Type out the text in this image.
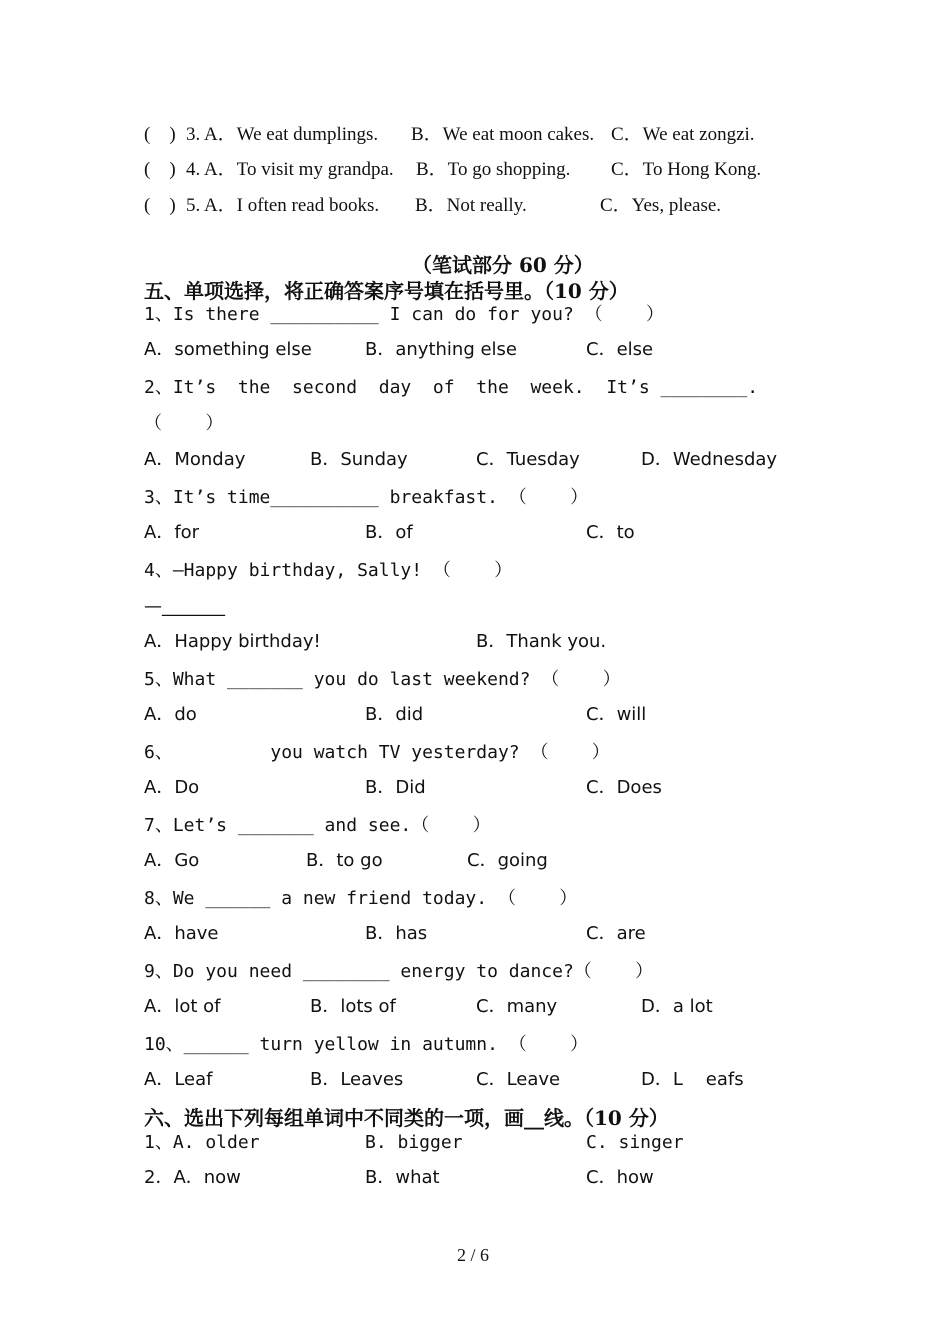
(    ) 3. A．We eat dumplings. B．We eat moon cakes. C．We eat zongzi.
(    ) 4. A．To visit my grandpa. B．To go shopping. C．To Hong Kong.
(    ) 5. A．I often read books. B．Not really.	C．Yes, please.
（笔试部分 60 分）
五、单项选择，将正确答案序号填在括号里。（10 分）
1、Is there __________ I can do for you? （    ）
A．something else	B．anything else	C．else
2、It’s  the  second  day  of  the  week.  It’s ________.
（    ）
A．Monday	B．Sunday	C．Tuesday	D．Wednesday
3、It’s time__________ breakfast. （    ）
A．for	B．of	C．to
4、—Happy birthday, Sally! （    ）
—_______
A．Happy birthday!	B．Thank you.
5、What _______ you do last weekend? （    ）
A．do	B．did	C．will
6、         you watch TV yesterday? （    ）
A．Do	B．Did	C．Does
7、Let’s _______ and see.（    ）
A．Go	B．to go	C．going
8、We ______ a new friend today. （    ）
A．have	B．has	C．are
9、Do you need ________ energy to dance?（    ）
A．lot of	B．lots of	C．many	D．a lot
10、______ turn yellow in autumn. （    ）
A．Leaf	B．Leaves	C．Leave	D．L    eafs
六、选出下列每组单词中不同类的一项，画__线。（10 分）
1、A. older	B. bigger	C. singer
2．A．now	B．what	C．how
2 / 6
